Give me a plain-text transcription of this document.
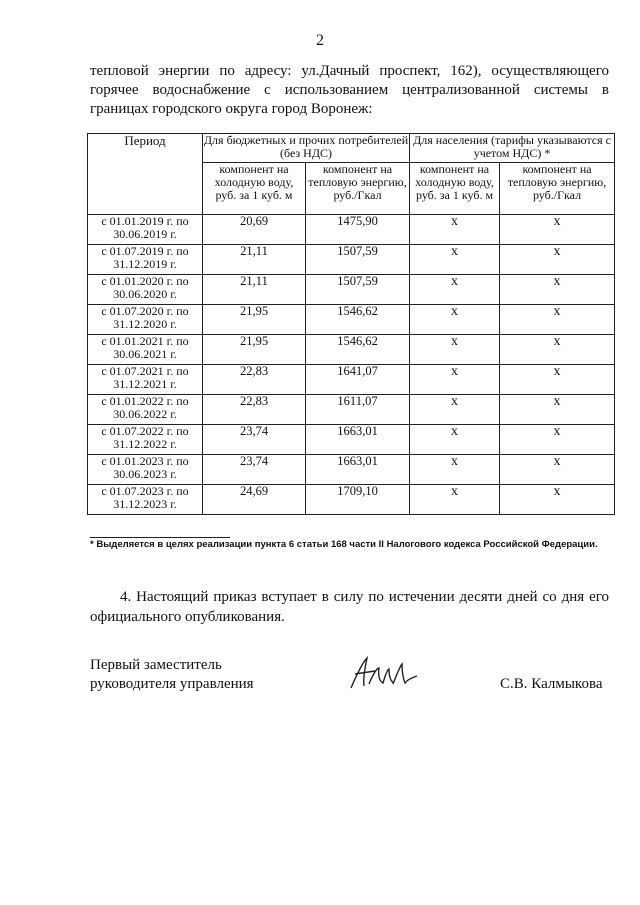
2
тепловой энергии по адресу: ул.Дачный проспект, 162), осуществляющего
горячее водоснабжение с использованием централизованной системы в
границах городского округа город Воронеж:
Период	Для бюджетных и прочих потребителей (без НДС)		Для населения (тарифы указываются с учетом НДС) *	
	компонент на холодную воду, руб. за 1 куб. м	компонент на тепловую энергию, руб./Гкал	компонент на холодную воду, руб. за 1 куб. м	компонент на тепловую энергию, руб./Гкал

с 01.01.2019 г. по
30.06.2019 г.	20,69	1475,90	х	х

с 01.07.2019 г. по
31.12.2019 г.	21,11	1507,59	х	х

с 01.01.2020 г. по
30.06.2020 г.	21,11	1507,59	х	х

с 01.07.2020 г. по
31.12.2020 г.	21,95	1546,62	х	х

с 01.01.2021 г. по
30.06.2021 г.	21,95	1546,62	х	х

с 01.07.2021 г. по
31.12.2021 г.	22,83	1641,07	х	х

с 01.01.2022 г. по
30.06.2022 г.	22,83	1611,07	х	х

с 01.07.2022 г. по
31.12.2022 г.	23,74	1663,01	х	х

с 01.01.2023 г. по
30.06.2023 г.	23,74	1663,01	х	х

с 01.07.2023 г. по
31.12.2023 г.	24,69	1709,10	х	х
* Выделяется в целях реализации пункта 6 статьи 168 части II Налогового кодекса Российской Федерации.
4. Настоящий приказ вступает в силу по истечении десяти дней со дня его
официального опубликования.
Первый заместитель
руководителя управления	С.В. Калмыкова
